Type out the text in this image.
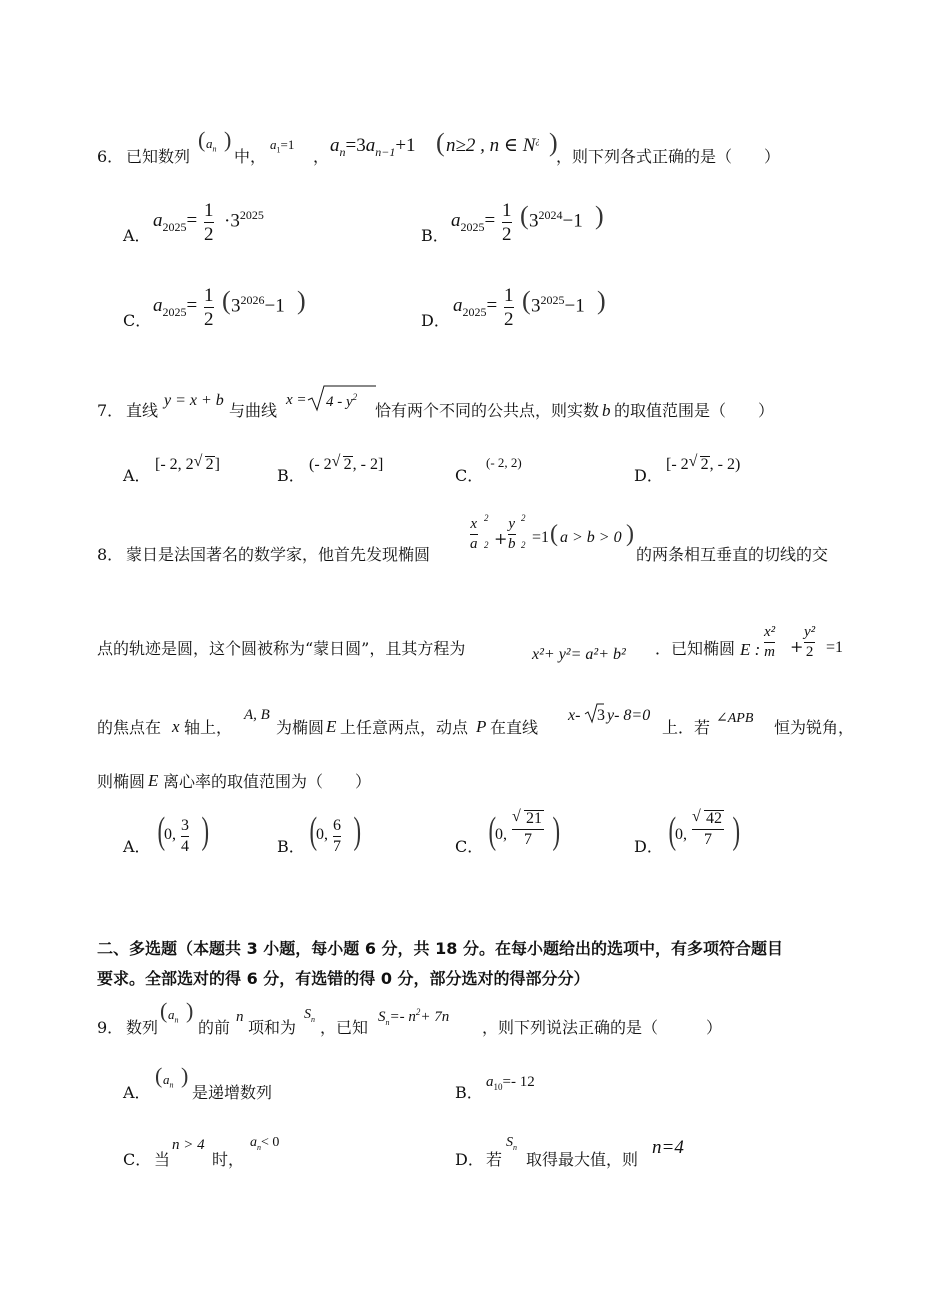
6． 已知数列
( $a_n$ )
中，
$a_1=1$
，
$a_n=3a_{n-1}+1$ ( n≥2 , n ∈ N¿ )
，则下列各式正确的是（　　）
A．
$a_{2025}= 1$
2
$\cdot 3^{2025}$
B．
$a_{2025}= 1$
2
( $3^{2024}-1$ )
C．
$a_{2025}= 1$
2
( $3^{2026}-1$ )
D．
$a_{2025}= 1$
2
( $3^{2025}-1$ )
7． 直线
y = x + b
与曲线
$x = 4 - y^2$
恰有两个不同的公共点，则实数 b 的取值范围是（　　）
A．
[- 2, 2 √ 2]
B．
(- 2 √ 2, - 2]
C．
(- 2, 2)
D．
[- 2 √ 2, - 2)
8． 蒙日是法国著名的数学家，他首先发现椭圆
x
a
2
2 +
y
b
2
2 =1 ( a > b > 0 )
的两条相互垂直的切线的交
点的轨迹是圆，这个圆被称为“蒙日圆”，且其方程为	x²+ y²= a²+ b² ．已知椭圆 E :
x²
m +
y²
2 =1
的焦点在 x 轴上，
A, B
为椭圆 E 上任意两点，动点 P 在直线
x- 3 y- 8=0
上．若 ∠APB 恒为锐角，
则椭圆 E 离心率的取值范围为（　　）
A． (
0,
3
4 )	B． (
0,
6
7 )	C． (
0,
√ 21
7 )	D． (
0,
√ 42
7 )
二、多选题（本题共 3 小题，每小题 6 分，共 18 分。在每小题给出的选项中，有多项符合题目
要求。全部选对的得 6 分，有选错的得 0 分，部分选对的得部分分）
9． 数列
( $a_n$ )
的前
n
项和为
$S_n$ ，已知
$S_n=-$ $n^2+ 7n$
，则下列说法正确的是（　　　）
A．
( $a_n$ )
是递增数列	B．
$a_{10}=-$ 12
C． 当
n > 4
时，
$a_n< 0$
D． 若
$S_n$
取得最大值，则
n=4
